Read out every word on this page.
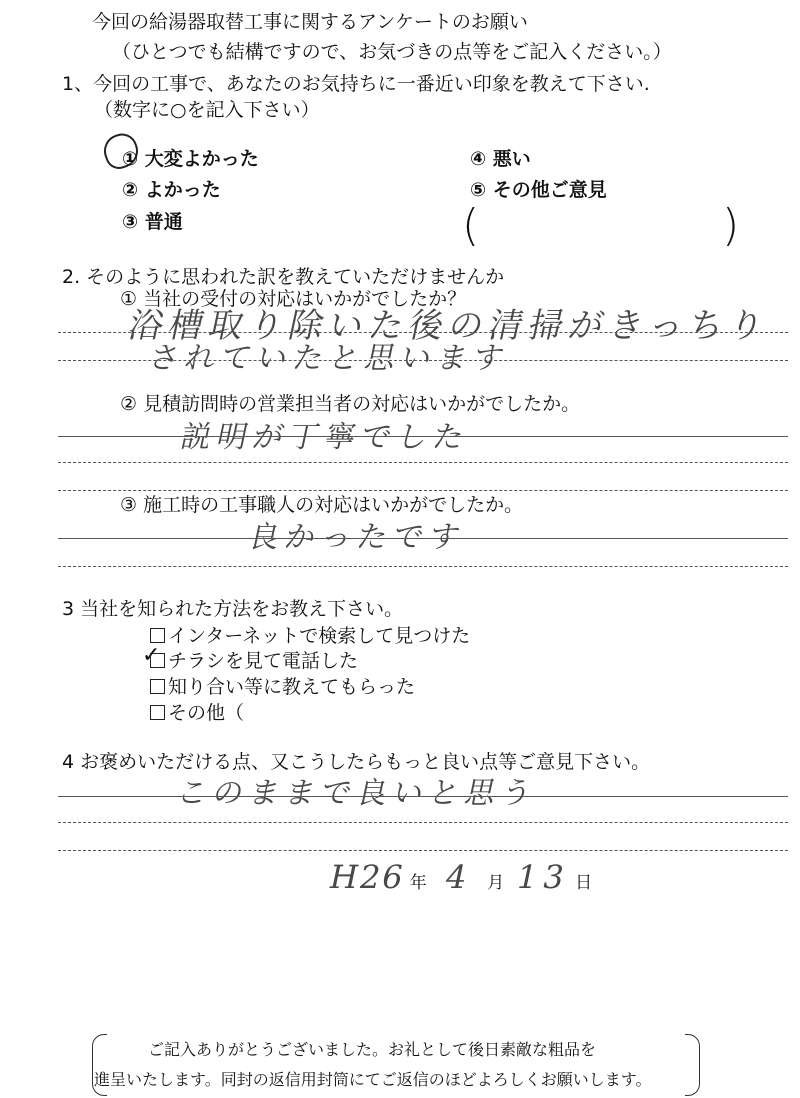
今回の給湯器取替工事に関するアンケートのお願い
（ひとつでも結構ですので、お気づきの点等をご記入ください。）
1、今回の工事で、あなたのお気持ちに一番近い印象を教えて下さい.
（数字に○を記入下さい）
① 大変よかった
② よかった
③ 普通
④ 悪い
⑤ その他ご意見
(	)
2. そのように思われた訳を教えていただけませんか
① 当社の受付の対応はいかがでしたか？
浴槽取り除いた後の清掃がきっちり
されていたと思います
② 見積訪問時の営業担当者の対応はいかがでしたか。
説明が丁寧でした
③ 施工時の工事職人の対応はいかがでしたか。
良かったです
3 当社を知られた方法をお教え下さい。
インターネットで検索して見つけた
✓ チラシを見て電話した
知り合い等に教えてもらった
その他（
4 お褒めいただける点、又こうしたらもっと良い点等ご意見下さい。
このままで良いと思う
H26 年 4 月 13 日
ご記入ありがとうございました。お礼として後日素敵な粗品を
進呈いたします。同封の返信用封筒にてご返信のほどよろしくお願いします。
